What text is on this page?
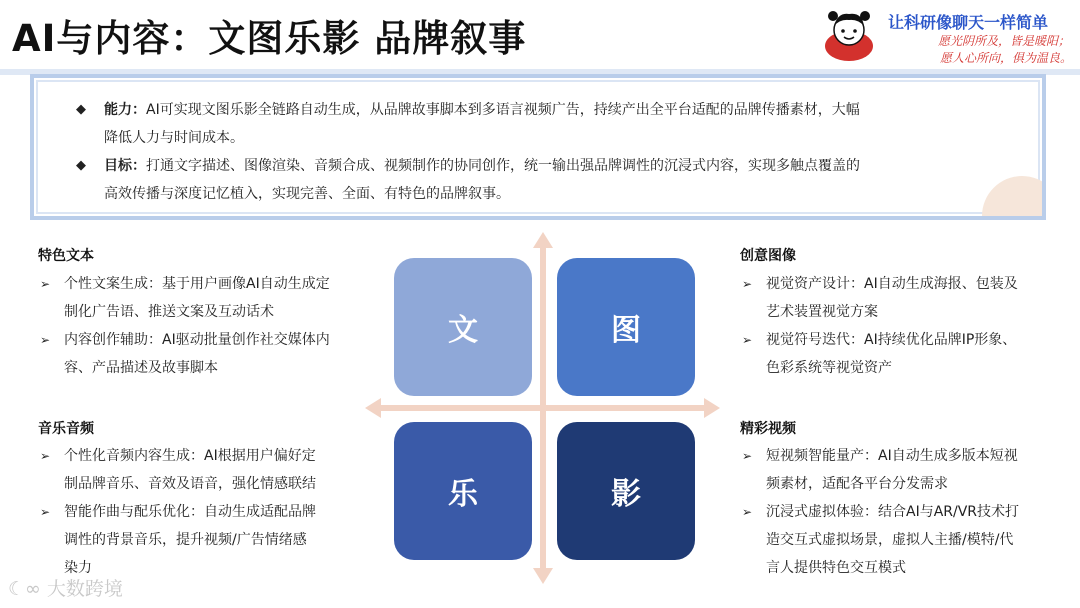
AI与内容：文图乐影 品牌叙事	让科研像聊天一样简单
愿光阴所及，皆是暖阳；
愿人心所向，俱为温良。
◆ 能力：AI可实现文图乐影全链路自动生成，从品牌故事脚本到多语言视频广告，持续产出全平台适配的品牌传播素材，大幅
降低人力与时间成本。
◆ 目标：打通文字描述、图像渲染、音频合成、视频制作的协同创作，统一输出强品牌调性的沉浸式内容，实现多触点覆盖的
高效传播与深度记忆植入，实现完善、全面、有特色的品牌叙事。
特色文本
➢ 个性文案生成：基于用户画像AI自动生成定
制化广告语、推送文案及互动话术
➢ 内容创作辅助：AI驱动批量创作社交媒体内
容、产品描述及故事脚本
音乐音频
➢ 个性化音频内容生成：AI根据用户偏好定
制品牌音乐、音效及语音，强化情感联结
➢ 智能作曲与配乐优化：自动生成适配品牌
调性的背景音乐，提升视频/广告情绪感
染力
创意图像
➢ 视觉资产设计：AI自动生成海报、包装及
艺术装置视觉方案
➢ 视觉符号迭代：AI持续优化品牌IP形象、
色彩系统等视觉资产
精彩视频
➢ 短视频智能量产：AI自动生成多版本短视
频素材，适配各平台分发需求
➢ 沉浸式虚拟体验：结合AI与AR/VR技术打
造交互式虚拟场景，虚拟人主播/模特/代
言人提供特色交互模式
文	图
乐	影
☾∞ 大数跨境
